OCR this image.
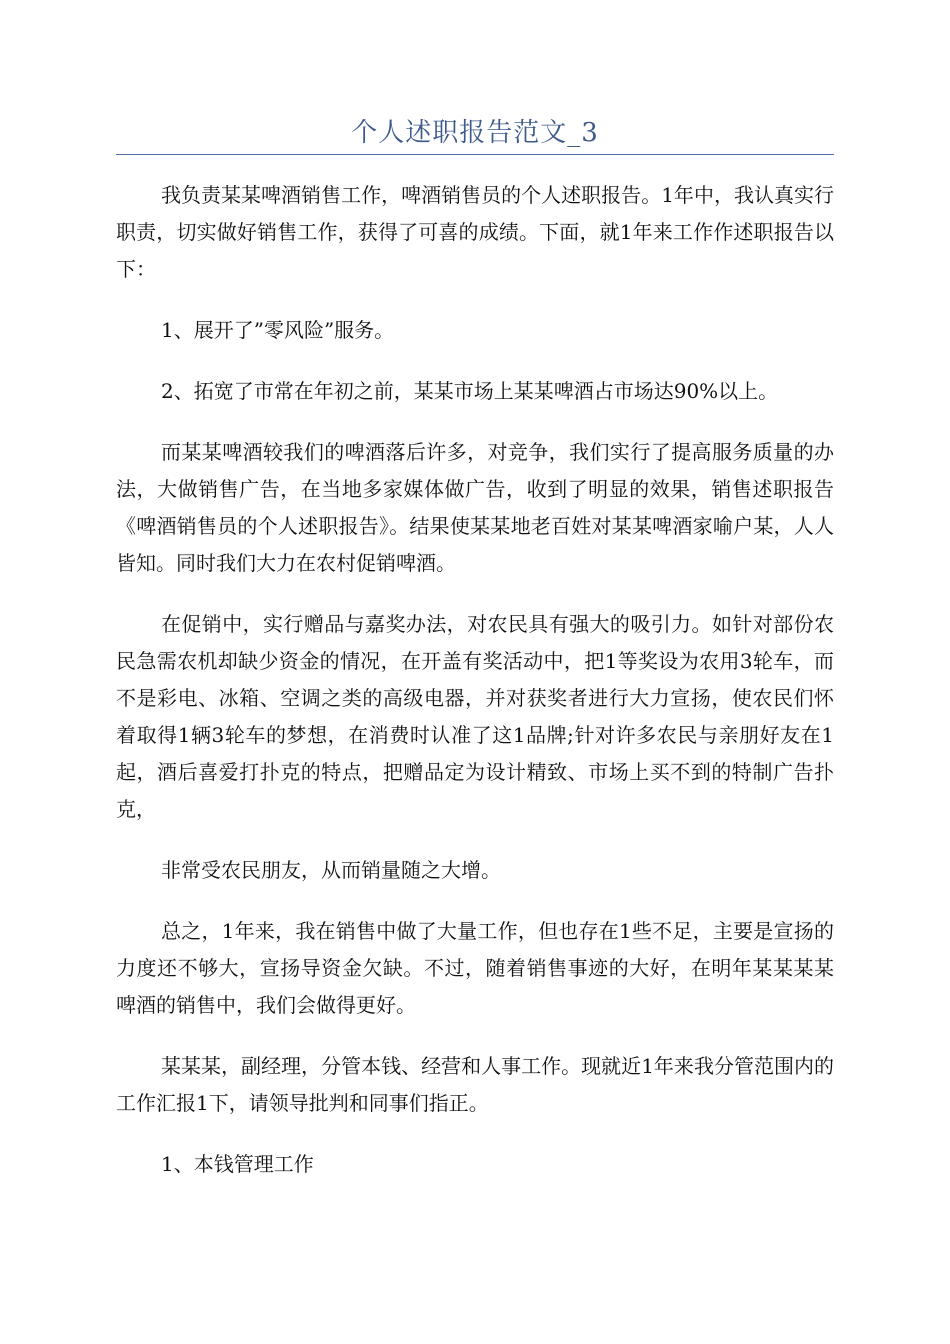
个人述职报告范文_3

我负责某某啤酒销售工作，啤酒销售员的个人述职报告。1年中，我认真实行职责，切实做好销售工作，获得了可喜的成绩。下面，就1年来工作作述职报告以下：

1、展开了”零风险”服务。

2、拓宽了市常在年初之前，某某市场上某某啤酒占市场达90%以上。

而某某啤酒较我们的啤酒落后许多，对竞争，我们实行了提高服务质量的办法，大做销售广告，在当地多家媒体做广告，收到了明显的效果，销售述职报告《啤酒销售员的个人述职报告》。结果使某某地老百姓对某某啤酒家喻户某，人人皆知。同时我们大力在农村促销啤酒。

在促销中，实行赠品与嘉奖办法，对农民具有强大的吸引力。如针对部份农民急需农机却缺少资金的情况，在开盖有奖活动中，把1等奖设为农用3轮车，而不是彩电、冰箱、空调之类的高级电器，并对获奖者进行大力宣扬，使农民们怀着取得1辆3轮车的梦想，在消费时认准了这1品牌;针对许多农民与亲朋好友在1起，酒后喜爱打扑克的特点，把赠品定为设计精致、市场上买不到的特制广告扑克，

非常受农民朋友，从而销量随之大增。

总之，1年来，我在销售中做了大量工作，但也存在1些不足，主要是宣扬的力度还不够大，宣扬导资金欠缺。不过，随着销售事迹的大好，在明年某某某某啤酒的销售中，我们会做得更好。

某某某，副经理，分管本钱、经营和人事工作。现就近1年来我分管范围内的工作汇报1下，请领导批判和同事们指正。

1、本钱管理工作
